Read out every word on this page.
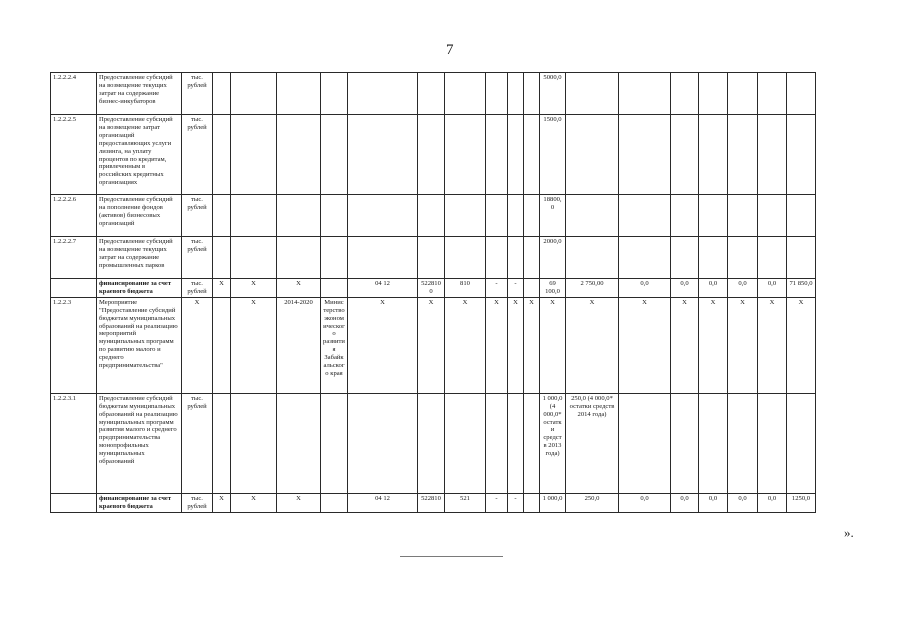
7
1.2.2.2.4	Предоставление субсидий на возмещение текущих затрат на содержание бизнес-инкубаторов	тыс. рублей											5000,0							
1.2.2.2.5	Предоставление субсидий на возмещение затрат организаций предоставляющих услуги лизинга, на уплату процентов по кредитам, привлеченным в российских кредитных организациях	тыс. рублей											1500,0							
1.2.2.2.6	Предоставление субсидий на пополнение фондов (активов) бизнесовых организаций	тыс. рублей											18800,0							
1.2.2.2.7	Предоставление субсидий на возмещение текущих затрат на содержание промышленных парков	тыс. рублей											2000,0							
	финансирование за счет краевого бюджета	тыс. рублей	X	X	X		04 12	5228100	810	-	-		69 100,0	2 750,00	0,0	0,0	0,0	0,0	0,0	71 850,0
1.2.2.3	Мероприятие "Предоставление субсидий бюджетам муниципальных образований на реализацию мероприятий муниципальных программ по развитию малого и среднего предпринимательства"	X		X	2014-2020	Министерство экономического развития Забайкальского края	X	X	X	X	X	X	X	X	X	X	X	X	X	X
1.2.2.3.1	Предоставление субсидий бюджетам муниципальных образований на реализацию муниципальных программ развития малого и среднего предпринимательства монопрофильных муниципальных образований	тыс. рублей											1 000,0 (4 000,0* остатки средств 2013 года)	250,0 (4 000,0* остатки средств 2014 года)						
	финансирование за счет краевого бюджета	тыс. рублей	X	X	X		04 12	522810	521	-	-		1 000,0	250,0	0,0	0,0	0,0	0,0	0,0	1250,0
».
